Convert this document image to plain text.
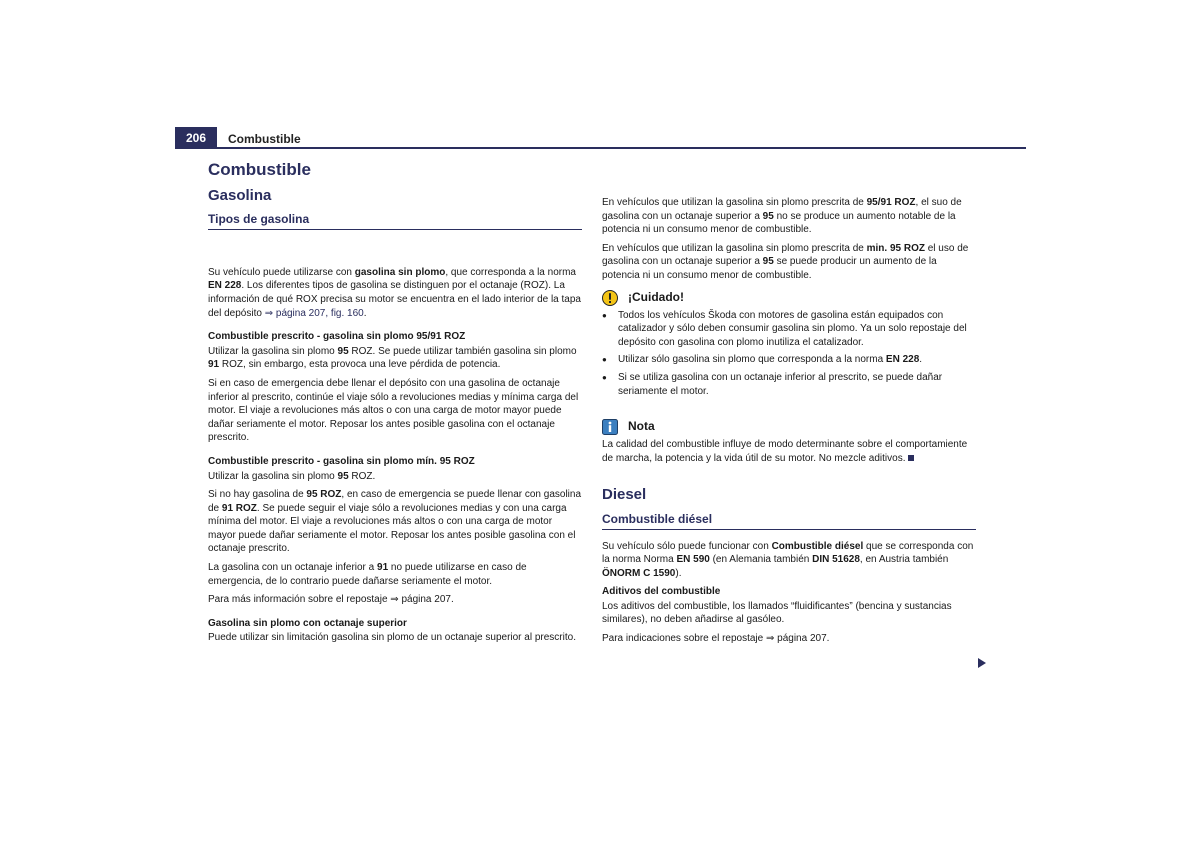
206	Combustible
Combustible
Gasolina
Tipos de gasolina

Su vehículo puede utilizarse con gasolina sin plomo, que corresponda a la norma EN 228. Los diferentes tipos de gasolina se distinguen por el octanaje (ROZ). La información de qué ROX precisa su motor se encuentra en el lado interior de la tapa del depósito ⇒ página 207, fig. 160.

Combustible prescrito - gasolina sin plomo 95/91 ROZ

Utilizar la gasolina sin plomo 95 ROZ. Se puede utilizar también gasolina sin plomo 91 ROZ, sin embargo, esta provoca una leve pérdida de potencia.

Si en caso de emergencia debe llenar el depósito con una gasolina de octanaje inferior al prescrito, continúe el viaje sólo a revoluciones medias y mínima carga del motor. El viaje a revoluciones más altos o con una carga de motor mayor puede dañar seriamente el motor. Reposar los antes posible gasolina con el octanaje prescrito.

Combustible prescrito - gasolina sin plomo mín. 95 ROZ

Utilizar la gasolina sin plomo 95 ROZ.

Si no hay gasolina de 95 ROZ, en caso de emergencia se puede llenar con gasolina de 91 ROZ. Se puede seguir el viaje sólo a revoluciones medias y con una carga mínima del motor. El viaje a revoluciones más altos o con una carga de motor mayor puede dañar seriamente el motor. Reposar los antes posible gasolina con el octanaje prescrito.

La gasolina con un octanaje inferior a 91 no puede utilizarse en caso de emergencia, de lo contrario puede dañarse seriamente el motor.

Para más información sobre el repostaje ⇒ página 207.

Gasolina sin plomo con octanaje superior

Puede utilizar sin limitación gasolina sin plomo de un octanaje superior al prescrito.

En vehículos que utilizan la gasolina sin plomo prescrita de 95/91 ROZ, el suo de gasolina con un octanaje superior a 95 no se produce un aumento notable de la potencia ni un consumo menor de combustible.

En vehículos que utilizan la gasolina sin plomo prescrita de min. 95 ROZ el uso de gasolina con un octanaje superior a 95 se puede producir un aumento de la potencia ni un consumo menor de combustible.

¡Cuidado!

● Todos los vehículos Škoda con motores de gasolina están equipados con catalizador y sólo deben consumir gasolina sin plomo. Ya un solo repostaje del depósito con gasolina con plomo inutiliza el catalizador.

● Utilizar sólo gasolina sin plomo que corresponda a la norma EN 228.

● Si se utiliza gasolina con un octanaje inferior al prescrito, se puede dañar seriamente el motor.

Nota

La calidad del combustible influye de modo determinante sobre el comportamiente de marcha, la potencia y la vida útil de su motor. No mezcle aditivos.

Diesel
Combustible diésel

Su vehículo sólo puede funcionar con Combustible diésel que se corresponda con la norma Norma EN 590 (en Alemania también DIN 51628, en Austria también ÖNORM C 1590).

Aditivos del combustible

Los aditivos del combustible, los llamados “fluidificantes” (bencina y sustancias similares), no deben añadirse al gasóleo.

Para indicaciones sobre el repostaje ⇒ página 207.
